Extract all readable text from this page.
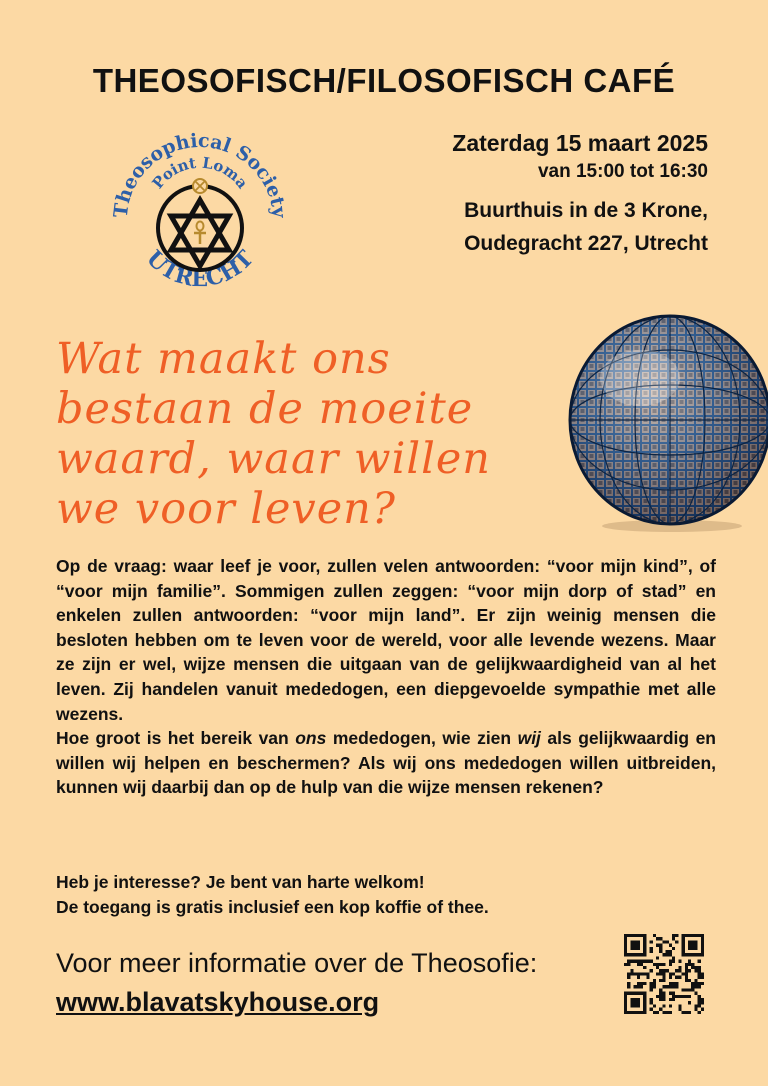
THEOSOFISCH/FILOSOFISCH CAFÉ
Theosophical Society
Point Loma
UTRECHT
Zaterdag 15 maart 2025
van 15:00 tot 16:30
Buurthuis in de 3 Krone,
Oudegracht 227, Utrecht
Wat maakt ons
bestaan de moeite
waard, waar willen
we voor leven?
Op de vraag: waar leef je voor, zullen velen antwoorden: “voor mijn kind”, of “voor mijn familie”. Sommigen zullen zeggen: “voor mijn dorp of stad” en enkelen zullen antwoorden: “voor mijn land”. Er zijn weinig mensen die besloten hebben om te leven voor de wereld, voor alle levende wezens. Maar ze zijn er wel, wijze mensen die uitgaan van de gelijkwaardigheid van al het leven. Zij handelen vanuit mededogen, een diepgevoelde sympathie met alle wezens.
Hoe groot is het bereik van ons mededogen, wie zien wij als gelijkwaardig en willen wij helpen en beschermen? Als wij ons mededogen willen uitbreiden, kunnen wij daarbij dan op de hulp van die wijze mensen rekenen?
Heb je interesse? Je bent van harte welkom!
De toegang is gratis inclusief een kop koffie of thee.
Voor meer informatie over de Theosofie:
www.blavatskyhouse.org
